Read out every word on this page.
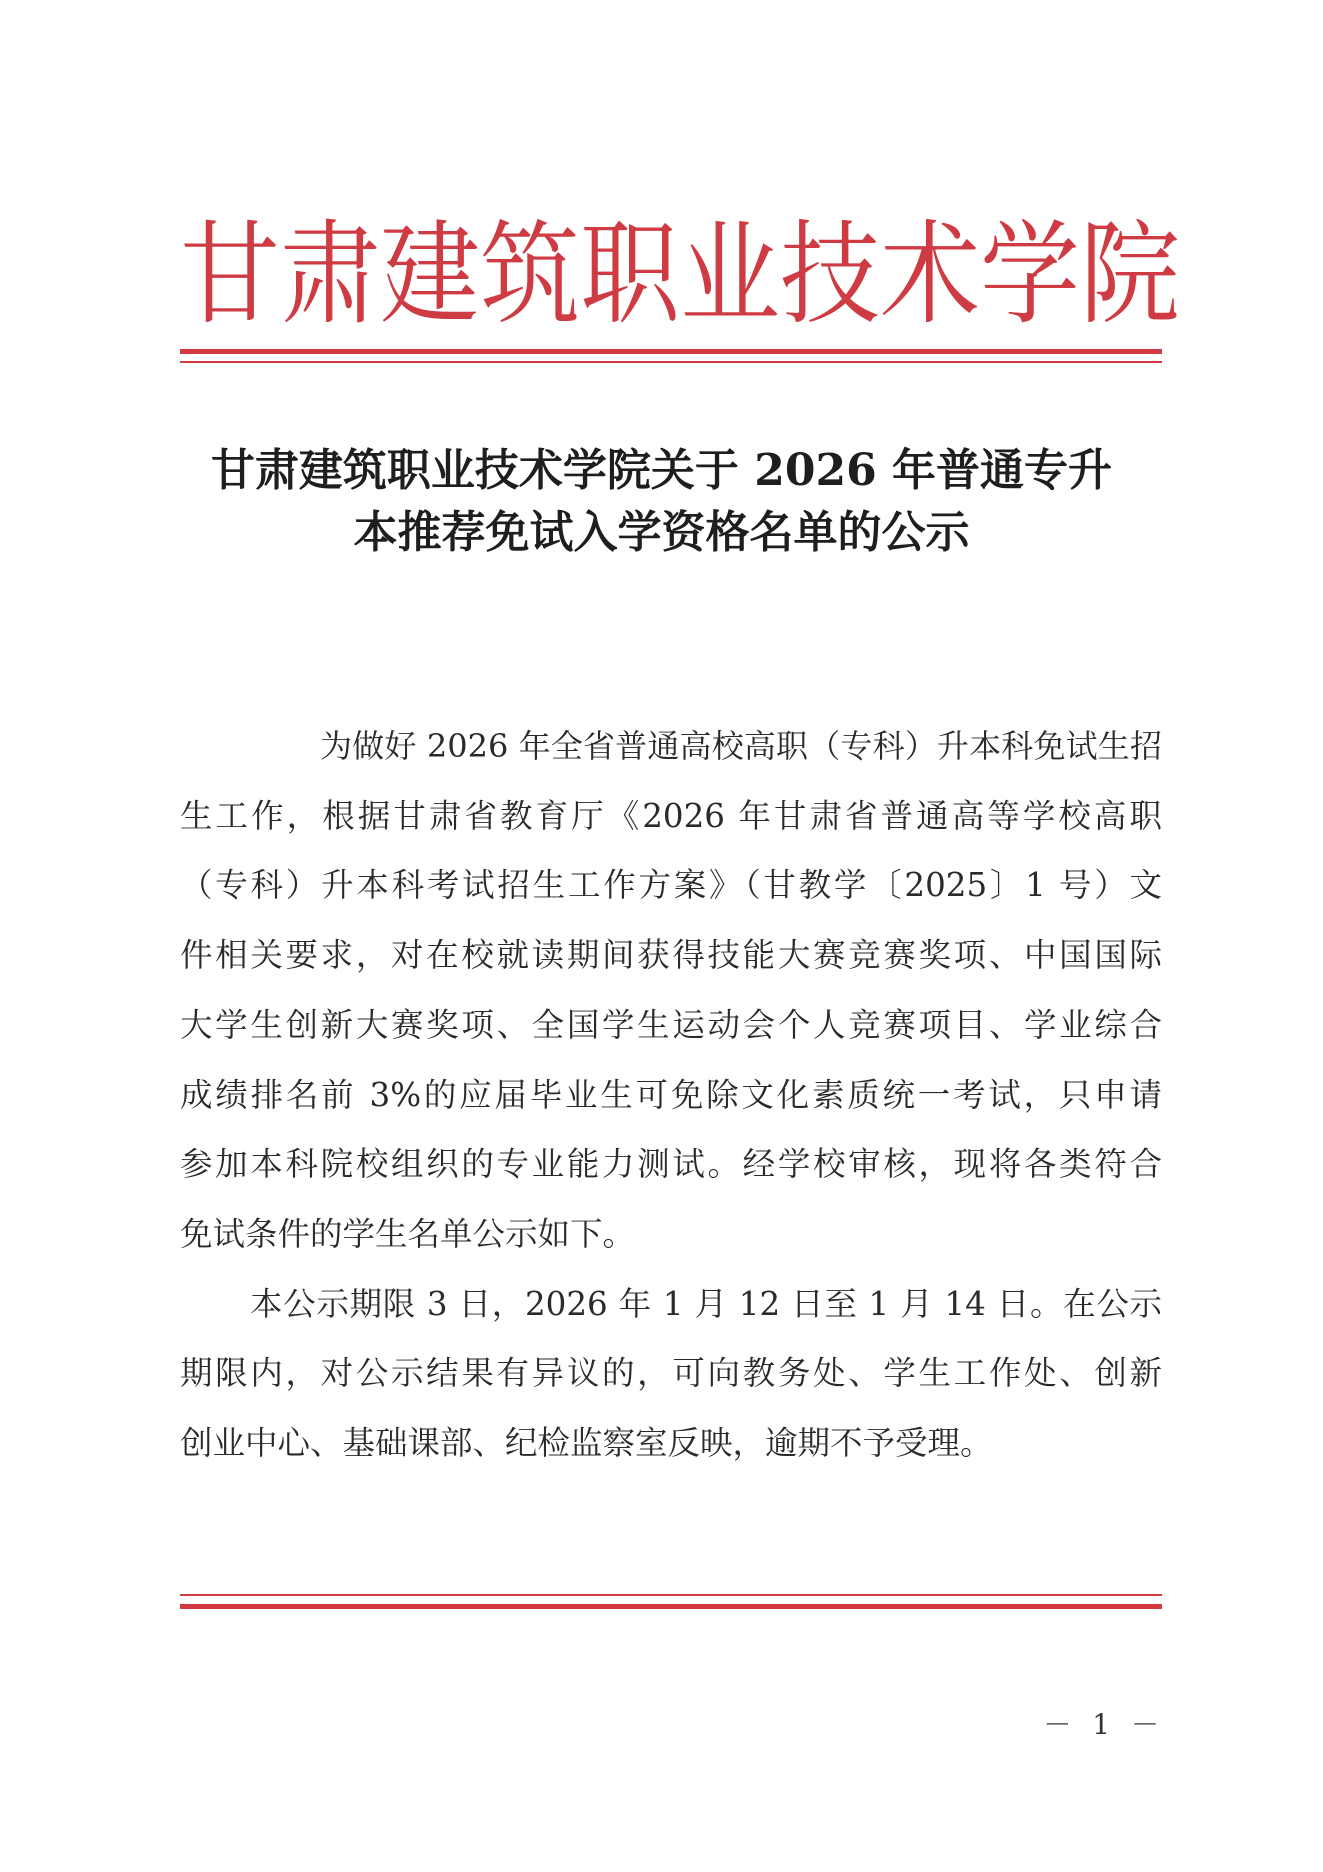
甘 肃 建 筑 职 业 技 术 学 院
甘肃建筑职业技术学院关于 2026 年普通专升
本推荐免试入学资格名单的公示
为做好 2026 年全省普通高校高职（专科）升本科免试生招
生工作，根据甘肃省教育厅《2026 年甘肃省普通高等学校高职
（专科）升本科考试招生工作方案》（甘教学〔2025〕1 号）文
件相关要求，对在校就读期间获得技能大赛竞赛奖项、中国国际
大学生创新大赛奖项、全国学生运动会个人竞赛项目、学业综合
成绩排名前 3%的应届毕业生可免除文化素质统一考试，只申请
参加本科院校组织的专业能力测试。经学校审核，现将各类符合
免试条件的学生名单公示如下。
本公示期限 3 日，2026 年 1 月 12 日至 1 月 14 日。在公示
期限内，对公示结果有异议的，可向教务处、学生工作处、创新
创业中心、基础课部、纪检监察室反映，逾期不予受理。
－ 1 －
